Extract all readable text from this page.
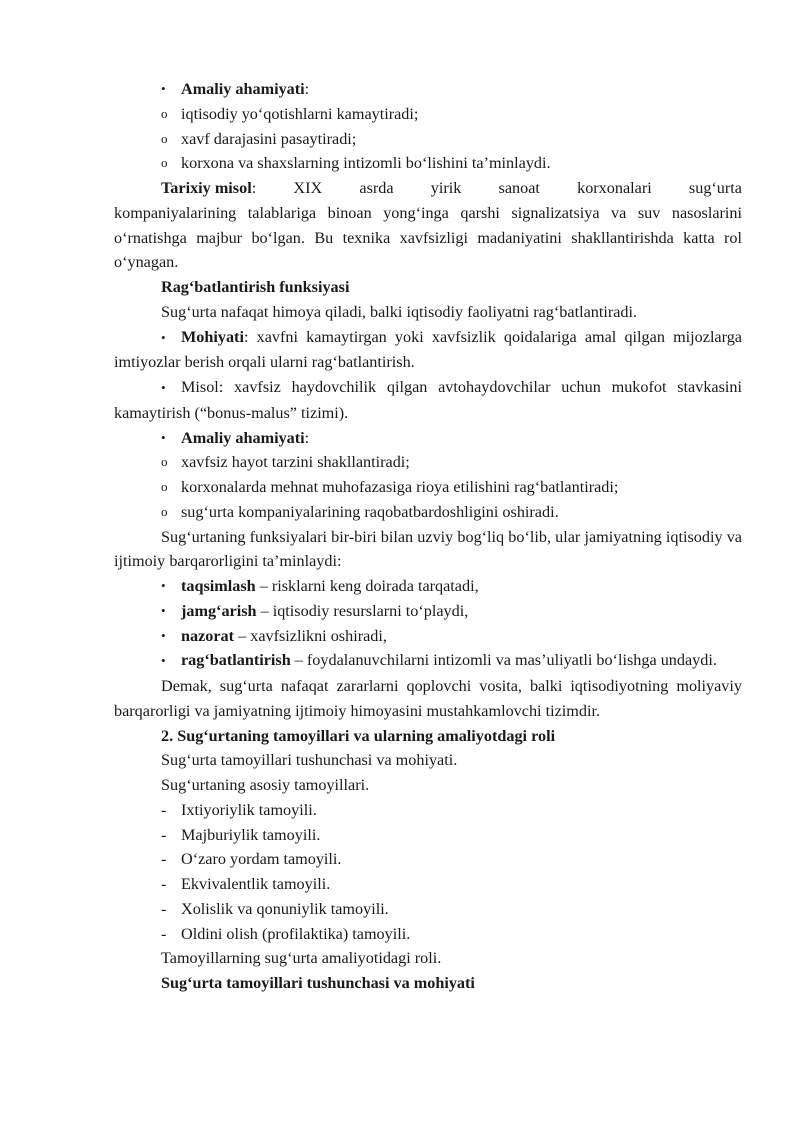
• Amaliy ahamiyati:
o iqtisodiy yo‘qotishlarni kamaytiradi;
o xavf darajasini pasaytiradi;
o korxona va shaxslarning intizomli bo‘lishini ta’minlaydi.
Tarixiy misol: XIX asrda yirik sanoat korxonalari sug‘urta

kompaniyalarining talablariga binoan yong‘inga qarshi signalizatsiya va suv nasoslarini o‘rnatishga majbur bo‘lgan. Bu texnika xavfsizligi madaniyatini shakllantirishda katta rol o‘ynagan.

Rag‘batlantirish funksiyasi

Sug‘urta nafaqat himoya qiladi, balki iqtisodiy faoliyatni rag‘batlantiradi.

• Mohiyati: xavfni kamaytirgan yoki xavfsizlik qoidalariga amal qilgan mijozlarga imtiyozlar berish orqali ularni rag‘batlantirish.

• Misol: xavfsiz haydovchilik qilgan avtohaydovchilar uchun mukofot stavkasini kamaytirish (“bonus-malus” tizimi).

• Amaliy ahamiyati:
o xavfsiz hayot tarzini shakllantiradi;
o korxonalarda mehnat muhofazasiga rioya etilishini rag‘batlantiradi;
o sug‘urta kompaniyalarining raqobatbardoshligini oshiradi.

Sug‘urtaning funksiyalari bir-biri bilan uzviy bog‘liq bo‘lib, ular jamiyatning iqtisodiy va ijtimoiy barqarorligini ta’minlaydi:

• taqsimlash – risklarni keng doirada tarqatadi,
• jamg‘arish – iqtisodiy resurslarni to‘playdi,
• nazorat – xavfsizlikni oshiradi,

• rag‘batlantirish – foydalanuvchilarni intizomli va mas’uliyatli bo‘lishga undaydi.

Demak, sug‘urta nafaqat zararlarni qoplovchi vosita, balki iqtisodiyotning moliyaviy barqarorligi va jamiyatning ijtimoiy himoyasini mustahkamlovchi tizimdir.

2. Sug‘urtaning tamoyillari va ularning amaliyotdagi roli

Sug‘urta tamoyillari tushunchasi va mohiyati.

Sug‘urtaning asosiy tamoyillari.

- Ixtiyoriylik tamoyili.
- Majburiylik tamoyili.
- O‘zaro yordam tamoyili.
- Ekvivalentlik tamoyili.
- Xolislik va qonuniylik tamoyili.
- Oldini olish (profilaktika) tamoyili.

Tamoyillarning sug‘urta amaliyotidagi roli.

Sug‘urta tamoyillari tushunchasi va mohiyati
